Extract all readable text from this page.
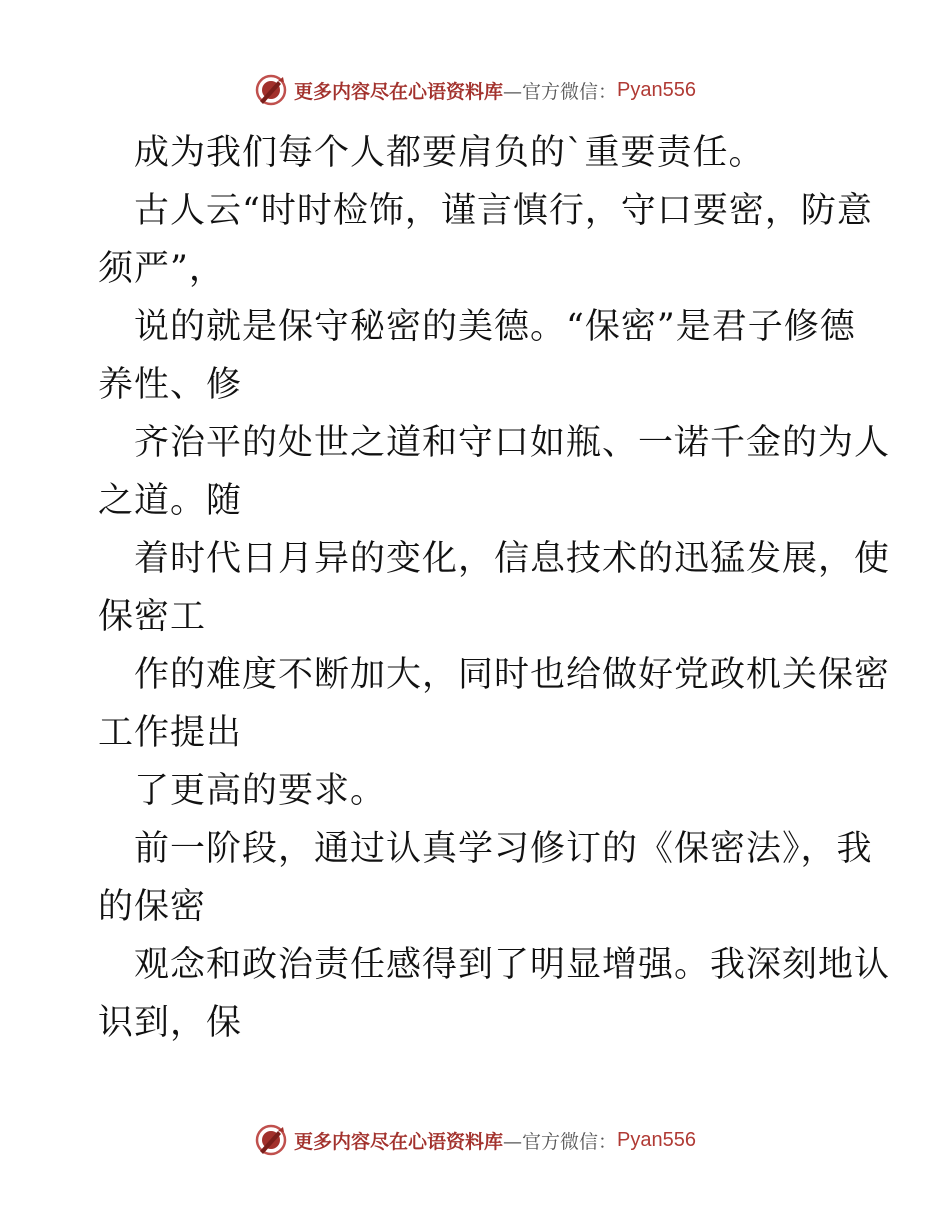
更多内容尽在心语资料库 —官方微信： Pyan556
成为我们每个人都要肩负的`重要责任。
古人云“时时检饰，谨言慎行，守口要密，防意
须严”，
说的就是保守秘密的美德。“保密”是君子修德
养性、修
齐治平的处世之道和守口如瓶、一诺千金的为人
之道。随
着时代日月异的变化，信息技术的迅猛发展，使
保密工
作的难度不断加大，同时也给做好党政机关保密
工作提出
了更高的要求。
前一阶段，通过认真学习修订的《保密法》，我
的保密
观念和政治责任感得到了明显增强。我深刻地认
识到，保
更多内容尽在心语资料库 —官方微信： Pyan556
